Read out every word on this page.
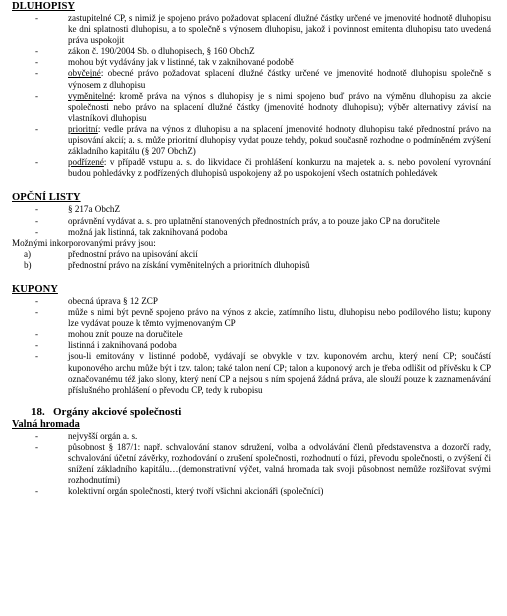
DLUHOPISY

-	zastupitelné CP, s nimiž je spojeno právo požadovat splacení dlužné částky určené ve jmenovité hodnotě dluhopisu ke dni splatnosti dluhopisu, a to společně s výnosem dluhopisu, jakož i povinnost emitenta dluhopisu tato uvedená práva uspokojit
-	zákon č. 190/2004 Sb. o dluhopisech, § 160 ObchZ
-	mohou být vydávány jak v listinné, tak v zaknihované podobě
-	obyčejné: obecné právo požadovat splacení dlužné částky určené ve jmenovité hodnotě dluhopisu společně s výnosem z dluhopisu
-	vyměnitelné: kromě práva na výnos s dluhopisy je s nimi spojeno buď právo na výměnu dluhopisu za akcie společnosti nebo právo na splacení dlužné částky (jmenovité hodnoty dluhopisu); výběr alternativy závisí na vlastníkovi dluhopisu
-	prioritní: vedle práva na výnos z dluhopisu a na splacení jmenovité hodnoty dluhopisu také přednostní právo na upisování akcií; a. s. může prioritní dluhopisy vydat pouze tehdy, pokud současně rozhodne o podmíněném zvýšení základního kapitálu (§ 207 ObchZ)
-	podřízené: v případě vstupu a. s. do likvidace či prohlášení konkurzu na majetek a. s. nebo povolení vyrovnání budou pohledávky z podřízených dluhopisů uspokojeny až po uspokojení všech ostatních pohledávek

OPČNÍ LISTY

-	§ 217a ObchZ
-	oprávnění vydávat a. s. pro uplatnění stanovených přednostních práv, a to pouze jako CP na doručitele
-	možná jak listinná, tak zaknihovaná podoba

Možnými inkorporovanými právy jsou:

a)	přednostní právo na upisování akcií
b)	přednostní právo na získání vyměnitelných a prioritních dluhopisů

KUPONY

-	obecná úprava § 12 ZCP
-	může s nimi být pevně spojeno právo na výnos z akcie, zatímního listu, dluhopisu nebo podílového listu; kupony lze vydávat pouze k těmto vyjmenovaným CP
-	mohou znít pouze na doručitele
-	listinná i zaknihovaná podoba
-	jsou-li emitovány v listinné podobě, vydávají se obvykle v tzv. kuponovém archu, který není CP; součástí kuponového archu může být i tzv. talon; také talon není CP; talon a kuponový arch je třeba odlišit od přívěsku k CP označovanému též jako slony, který není CP a nejsou s ním spojená žádná práva, ale slouží pouze k zaznamenávání příslušného prohlášení o převodu CP, tedy k rubopisu

18. Orgány akciové společnosti

Valná hromada

-	nejvyšší orgán a. s.
-	působnost § 187/1: např. schvalování stanov sdružení, volba a odvolávání členů představenstva a dozorčí rady, schvalování účetní závěrky, rozhodování o zrušení společnosti, rozhodnutí o fúzi, převodu společnosti, o zvýšení či snížení základního kapitálu…(demonstrativní výčet, valná hromada tak svoji působnost nemůže rozšiřovat svými rozhodnutími)
-	kolektivní orgán společnosti, který tvoří všichni akcionáři (společníci)
